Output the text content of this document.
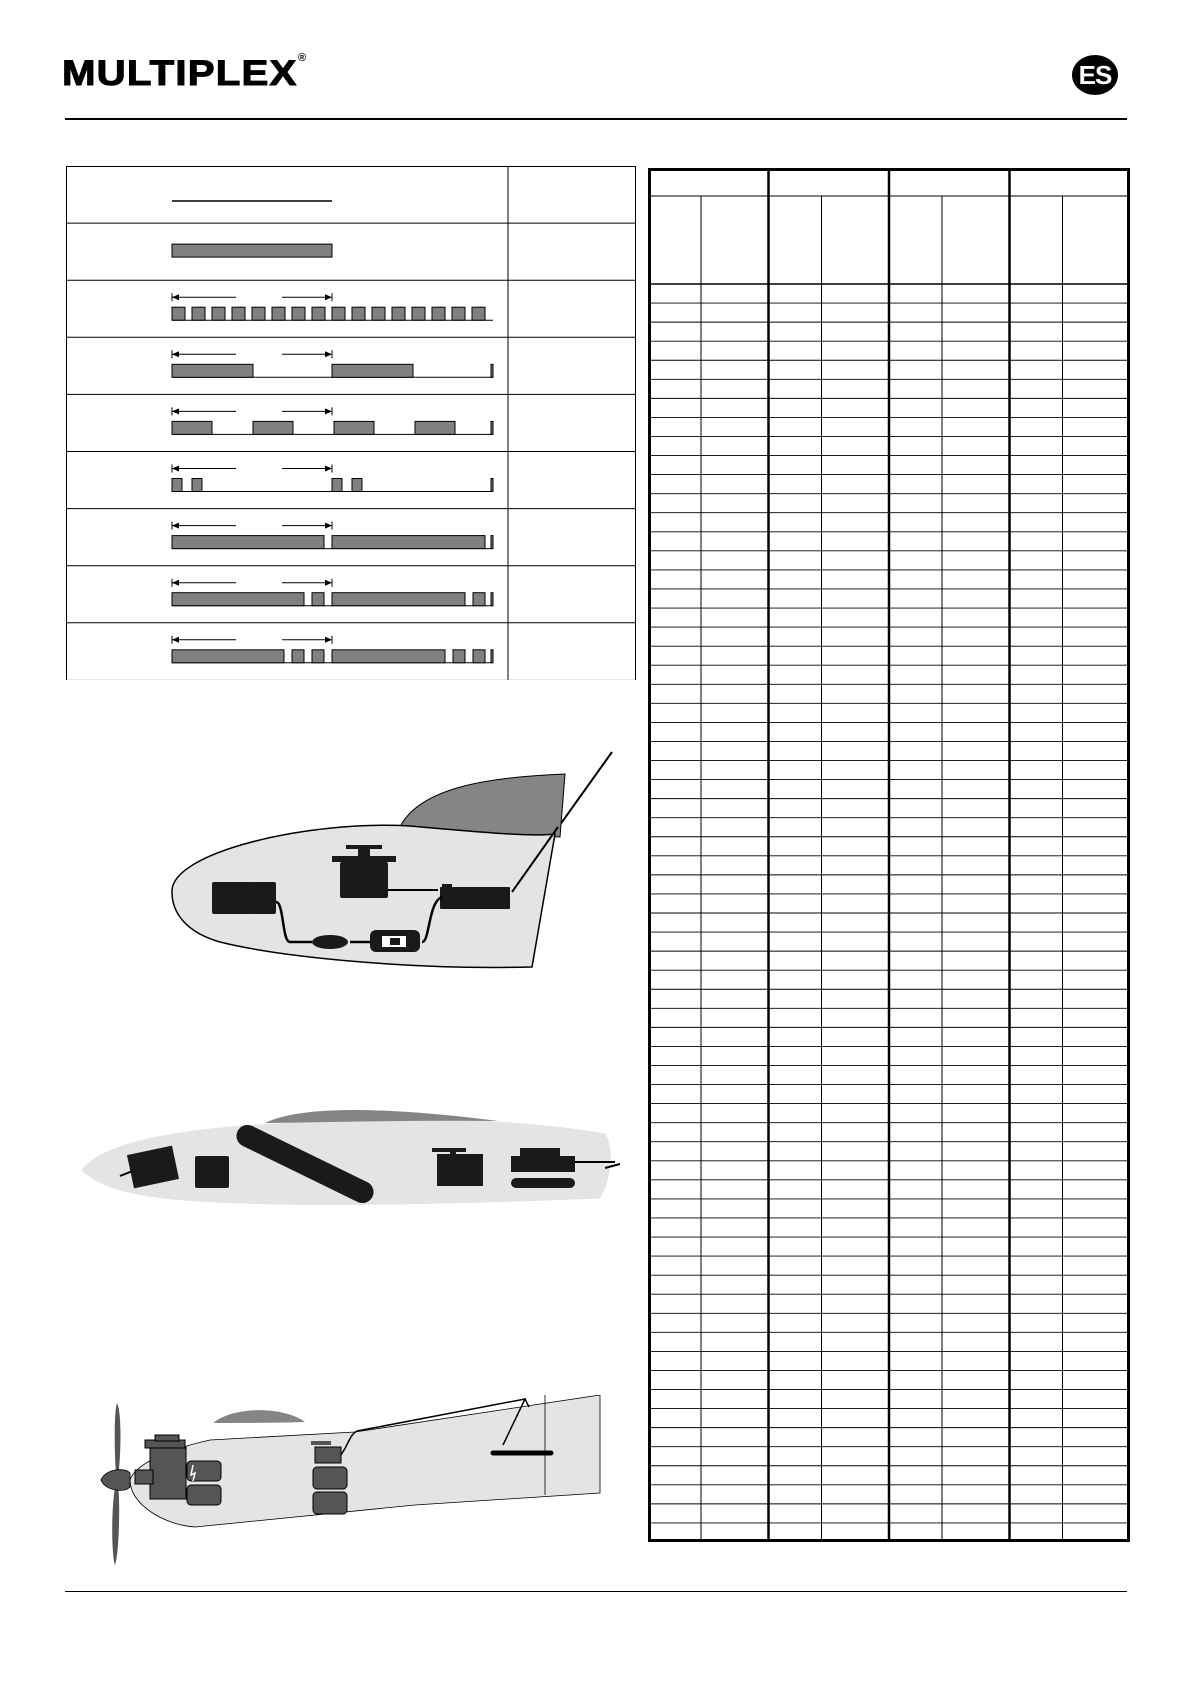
MULTIPLEX ®
ES
